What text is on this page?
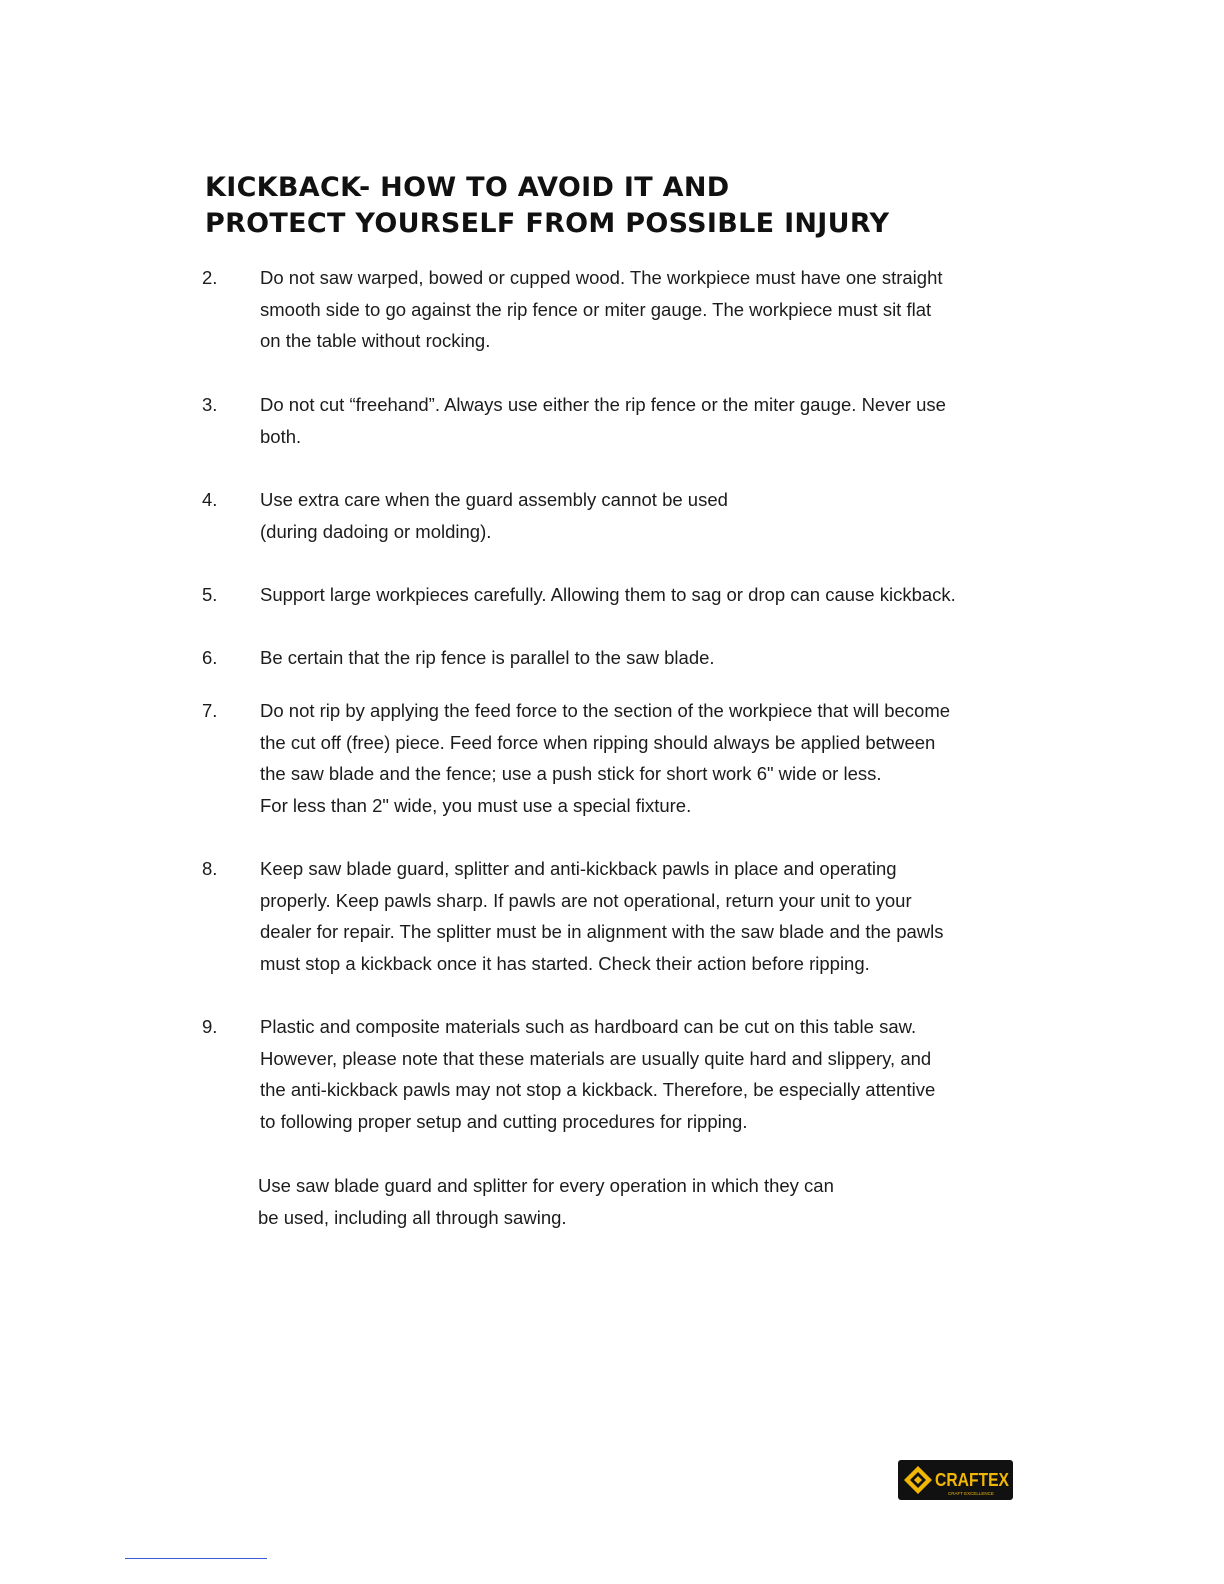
KICKBACK- HOW TO AVOID IT AND
PROTECT YOURSELF FROM POSSIBLE INJURY
2.	Do not saw warped, bowed or cupped wood. The workpiece must have one straight
smooth side to go against the rip fence or miter gauge. The workpiece must sit flat
on the table without rocking.
3.	Do not cut “freehand”. Always use either the rip fence or the miter gauge. Never use
both.
4.	Use extra care when the guard assembly cannot be used
(during dadoing or molding).
5.	Support large workpieces carefully. Allowing them to sag or drop can cause kickback.
6.	Be certain that the rip fence is parallel to the saw blade.
7.	Do not rip by applying the feed force to the section of the workpiece that will become
the cut off (free) piece. Feed force when ripping should always be applied between
the saw blade and the fence; use a push stick for short work 6" wide or less.
For less than 2" wide, you must use a special fixture.
8.	Keep saw blade guard, splitter and anti-kickback pawls in place and operating
properly. Keep pawls sharp. If pawls are not operational, return your unit to your
dealer for repair. The splitter must be in alignment with the saw blade and the pawls
must stop a kickback once it has started. Check their action before ripping.
9.	Plastic and composite materials such as hardboard can be cut on this table saw.
However, please note that these materials are usually quite hard and slippery, and
the anti-kickback pawls may not stop a kickback. Therefore, be especially attentive
to following proper setup and cutting procedures for ripping.
Use saw blade guard and splitter for every operation in which they can
be used, including all through sawing.
CRAFTEX
CRAFT EXCELLENCE
